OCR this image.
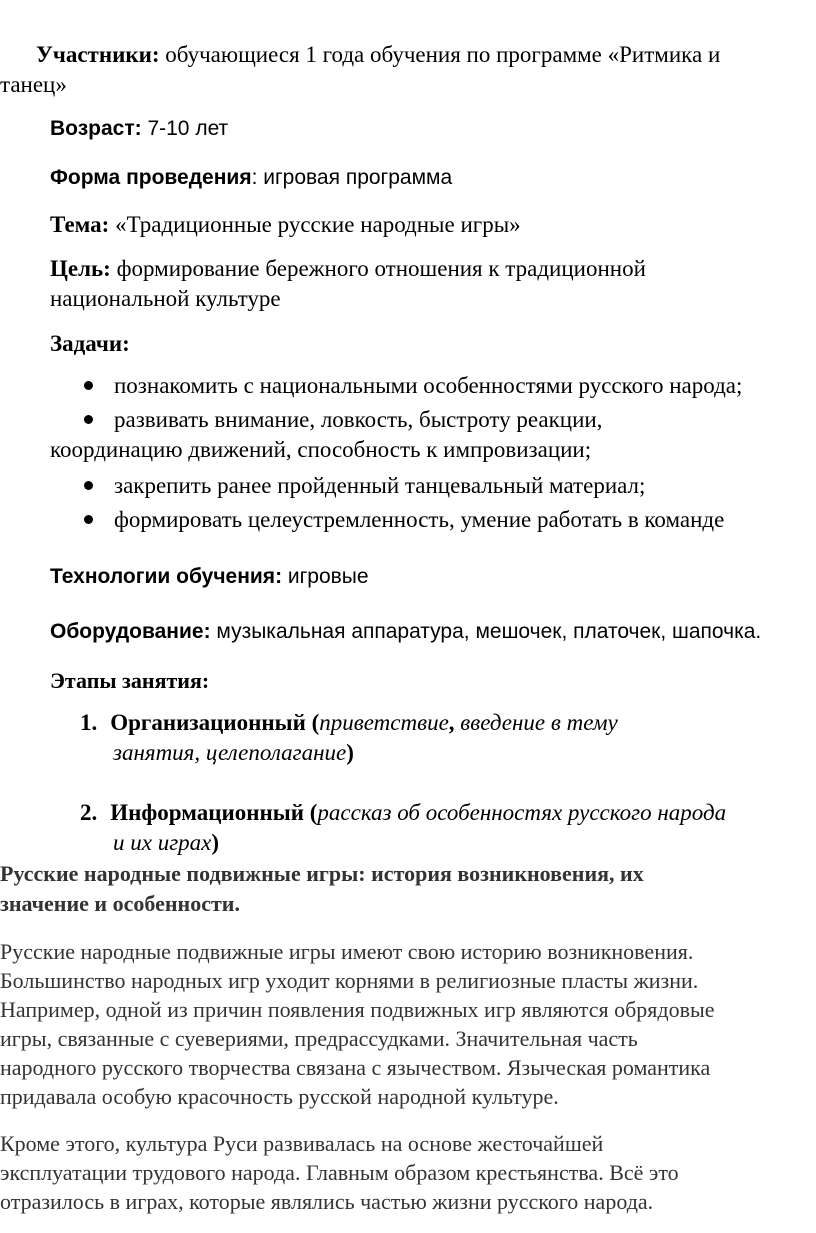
Участники: обучающиеся 1 года обучения по программе «Ритмика и
танец»
Возраст: 7-10 лет
Форма проведения: игровая программа
Тема: «Традиционные русские народные игры»
Цель: формирование бережного отношения к традиционной
национальной культуре
Задачи:
познакомить с национальными особенностями русского народа;
развивать внимание, ловкость, быстроту реакции,
координацию движений, способность к импровизации;
закрепить ранее пройденный танцевальный материал;
формировать целеустремленность, умение работать в команде
Технологии обучения: игровые
Оборудование: музыкальная аппаратура, мешочек, платочек, шапочка.
Этапы занятия:
1. Организационный (приветствие, введение в тему
занятия, целеполагание)
2. Информационный (рассказ об особенностях русского народа
и их играх)
Русские народные подвижные игры: история возникновения, их
значение и особенности.
Русские народные подвижные игры имеют свою историю возникновения.
Большинство народных игр уходит корнями в религиозные пласты жизни.
Например, одной из причин появления подвижных игр являются обрядовые
игры, связанные с суевериями, предрассудками. Значительная часть
народного русского творчества связана с язычеством. Языческая романтика
придавала особую красочность русской народной культуре.
Кроме этого, культура Руси развивалась на основе жесточайшей
эксплуатации трудового народа. Главным образом крестьянства. Всё это
отразилось в играх, которые являлись частью жизни русского народа.
